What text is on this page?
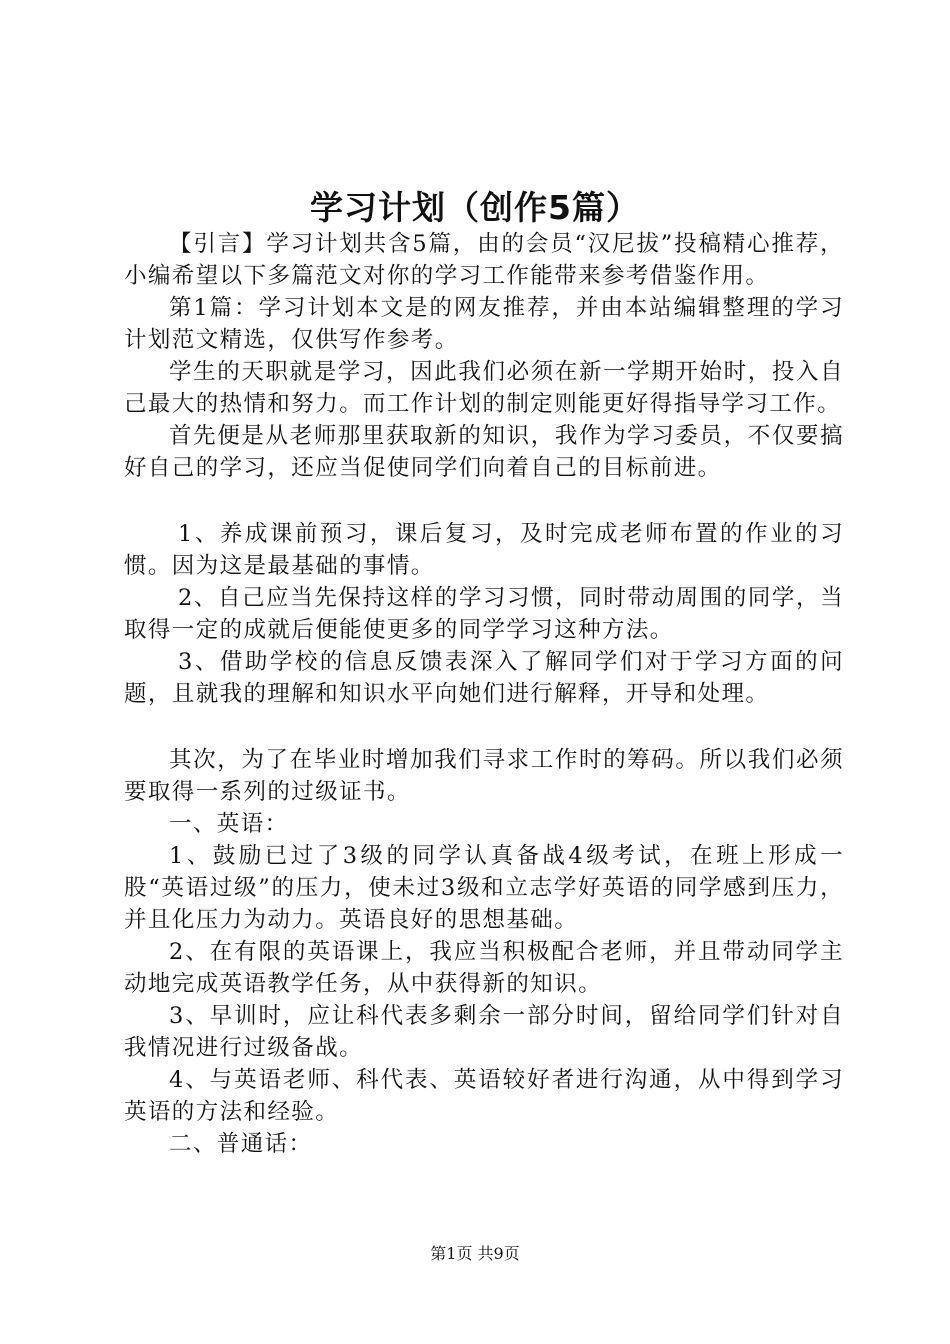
学习计划（创作5篇）

【引言】学习计划共含5篇，由的会员“汉尼拔”投稿精心推荐，小编希望以下多篇范文对你的学习工作能带来参考借鉴作用。

第1篇：学习计划本文是的网友推荐，并由本站编辑整理的学习计划范文精选，仅供写作参考。

学生的天职就是学习，因此我们必须在新一学期开始时，投入自己最大的热情和努力。而工作计划的制定则能更好得指导学习工作。

首先便是从老师那里获取新的知识，我作为学习委员，不仅要搞好自己的学习，还应当促使同学们向着自己的目标前进。

1、养成课前预习，课后复习，及时完成老师布置的作业的习惯。因为这是最基础的事情。

2、自己应当先保持这样的学习习惯，同时带动周围的同学，当取得一定的成就后便能使更多的同学学习这种方法。

3、借助学校的信息反馈表深入了解同学们对于学习方面的问题，且就我的理解和知识水平向她们进行解释，开导和处理。

其次，为了在毕业时增加我们寻求工作时的筹码。所以我们必须要取得一系列的过级证书。

一、英语：

1、鼓励已过了3级的同学认真备战4级考试，在班上形成一股“英语过级”的压力，使未过3级和立志学好英语的同学感到压力，并且化压力为动力。英语良好的思想基础。

2、在有限的英语课上，我应当积极配合老师，并且带动同学主动地完成英语教学任务，从中获得新的知识。

3、早训时，应让科代表多剩余一部分时间，留给同学们针对自我情况进行过级备战。

4、与英语老师、科代表、英语较好者进行沟通，从中得到学习英语的方法和经验。

二、普通话：

第1页 共9页
